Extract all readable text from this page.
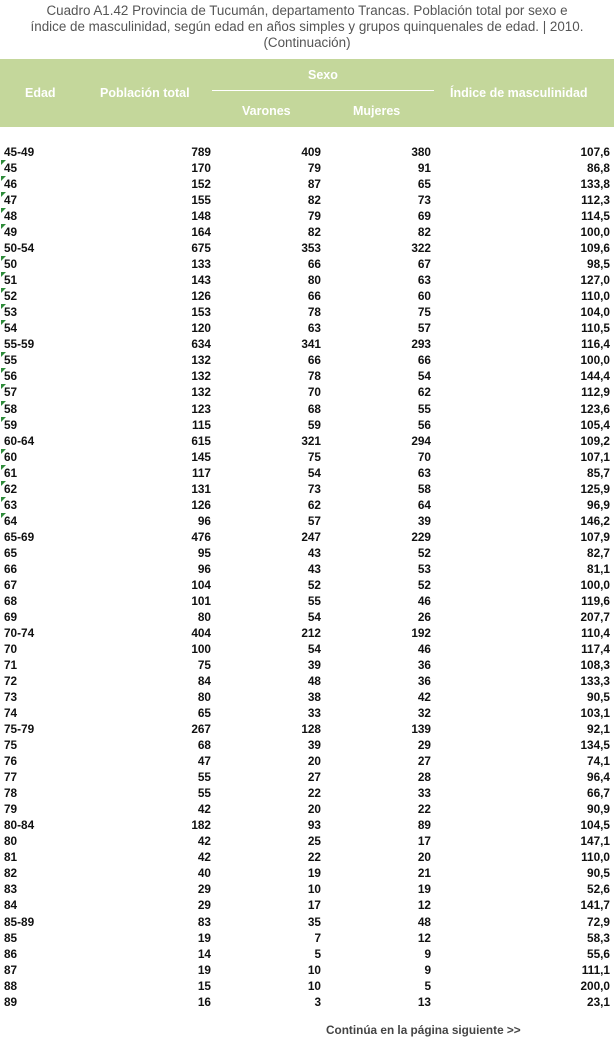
Cuadro A1.42 Provincia de Tucumán, departamento Trancas. Población total por sexo e
índice de masculinidad, según edad en años simples y grupos quinquenales de edad. | 2010.
(Continuación)
Edad	Población total
Sexo
Varones	Mujeres
Índice de masculinidad
45-49	789	409	380	107,6
45	170	79	91	86,8
46	152	87	65	133,8
47	155	82	73	112,3
48	148	79	69	114,5
49	164	82	82	100,0
50-54	675	353	322	109,6
50	133	66	67	98,5
51	143	80	63	127,0
52	126	66	60	110,0
53	153	78	75	104,0
54	120	63	57	110,5
55-59	634	341	293	116,4
55	132	66	66	100,0
56	132	78	54	144,4
57	132	70	62	112,9
58	123	68	55	123,6
59	115	59	56	105,4
60-64	615	321	294	109,2
60	145	75	70	107,1
61	117	54	63	85,7
62	131	73	58	125,9
63	126	62	64	96,9
64	96	57	39	146,2
65-69	476	247	229	107,9
65	95	43	52	82,7
66	96	43	53	81,1
67	104	52	52	100,0
68	101	55	46	119,6
69	80	54	26	207,7
70-74	404	212	192	110,4
70	100	54	46	117,4
71	75	39	36	108,3
72	84	48	36	133,3
73	80	38	42	90,5
74	65	33	32	103,1
75-79	267	128	139	92,1
75	68	39	29	134,5
76	47	20	27	74,1
77	55	27	28	96,4
78	55	22	33	66,7
79	42	20	22	90,9
80-84	182	93	89	104,5
80	42	25	17	147,1
81	42	22	20	110,0
82	40	19	21	90,5
83	29	10	19	52,6
84	29	17	12	141,7
85-89	83	35	48	72,9
85	19	7	12	58,3
86	14	5	9	55,6
87	19	10	9	111,1
88	15	10	5	200,0
89	16	3	13	23,1
Continúa en la página siguiente >>
